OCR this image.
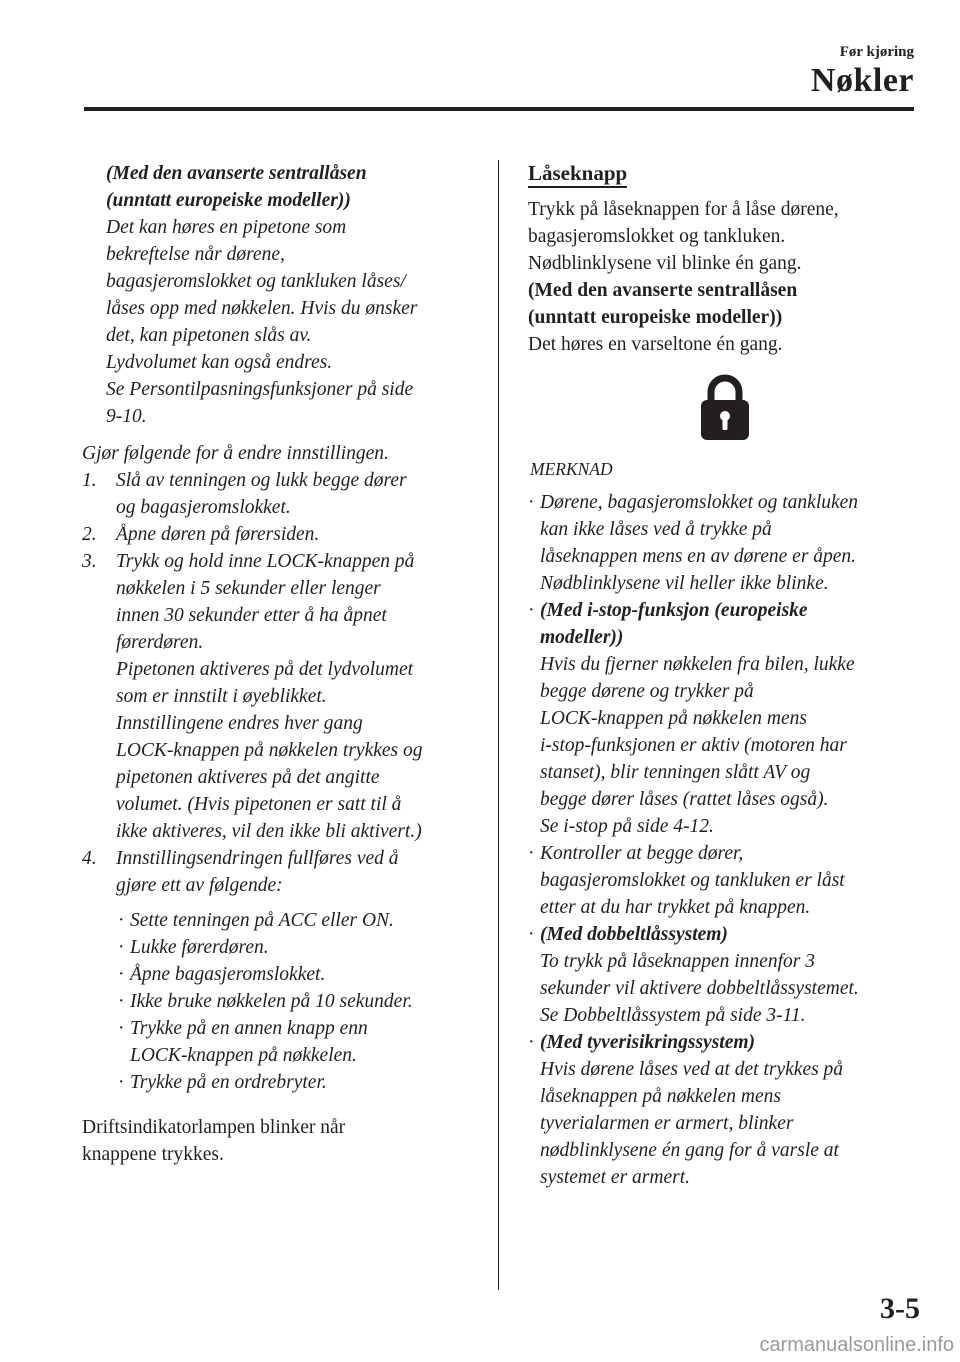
Før kjøring
Nøkler

(Med den avanserte sentrallåsen

(unntatt europeiske modeller))

Det kan høres en pipetone som

bekreftelse når dørene,

bagasjeromslokket og tankluken låses/

låses opp med nøkkelen. Hvis du ønsker

det, kan pipetonen slås av.

Lydvolumet kan også endres.

Se Persontilpasningsfunksjoner på side

9-10.

Gjør følgende for å endre innstillingen.

1. Slå av tenningen og lukk begge dører

og bagasjeromslokket.

2. Åpne døren på førersiden.

3. Trykk og hold inne LOCK-knappen på

nøkkelen i 5 sekunder eller lenger

innen 30 sekunder etter å ha åpnet

førerdøren.

Pipetonen aktiveres på det lydvolumet

som er innstilt i øyeblikket.

Innstillingene endres hver gang

LOCK-knappen på nøkkelen trykkes og

pipetonen aktiveres på det angitte

volumet. (Hvis pipetonen er satt til å

ikke aktiveres, vil den ikke bli aktivert.)

4. Innstillingsendringen fullføres ved å

gjøre ett av følgende:

· Sette tenningen på ACC eller ON.

· Lukke førerdøren.

· Åpne bagasjeromslokket.

· Ikke bruke nøkkelen på 10 sekunder.

· Trykke på en annen knapp enn

LOCK-knappen på nøkkelen.

· Trykke på en ordrebryter.

Driftsindikatorlampen blinker når

knappene trykkes.

Låseknapp

Trykk på låseknappen for å låse dørene,

bagasjeromslokket og tankluken.

Nødblinklysene vil blinke én gang.

(Med den avanserte sentrallåsen

(unntatt europeiske modeller))

Det høres en varseltone én gang.

MERKNAD
· Dørene, bagasjeromslokket og tankluken

kan ikke låses ved å trykke på

låseknappen mens en av dørene er åpen.

Nødblinklysene vil heller ikke blinke.

· (Med i-stop-funksjon (europeiske

modeller))

Hvis du fjerner nøkkelen fra bilen, lukke

begge dørene og trykker på

LOCK-knappen på nøkkelen mens

i-stop-funksjonen er aktiv (motoren har

stanset), blir tenningen slått AV og

begge dører låses (rattet låses også).

Se i-stop på side 4-12.

· Kontroller at begge dører,

bagasjeromslokket og tankluken er låst

etter at du har trykket på knappen.

· (Med dobbeltlåssystem)

To trykk på låseknappen innenfor 3

sekunder vil aktivere dobbeltlåssystemet.

Se Dobbeltlåssystem på side 3-11.

· (Med tyverisikringssystem)

Hvis dørene låses ved at det trykkes på

låseknappen på nøkkelen mens

tyverialarmen er armert, blinker

nødblinklysene én gang for å varsle at

systemet er armert.

3-5
carmanualsonline.info
